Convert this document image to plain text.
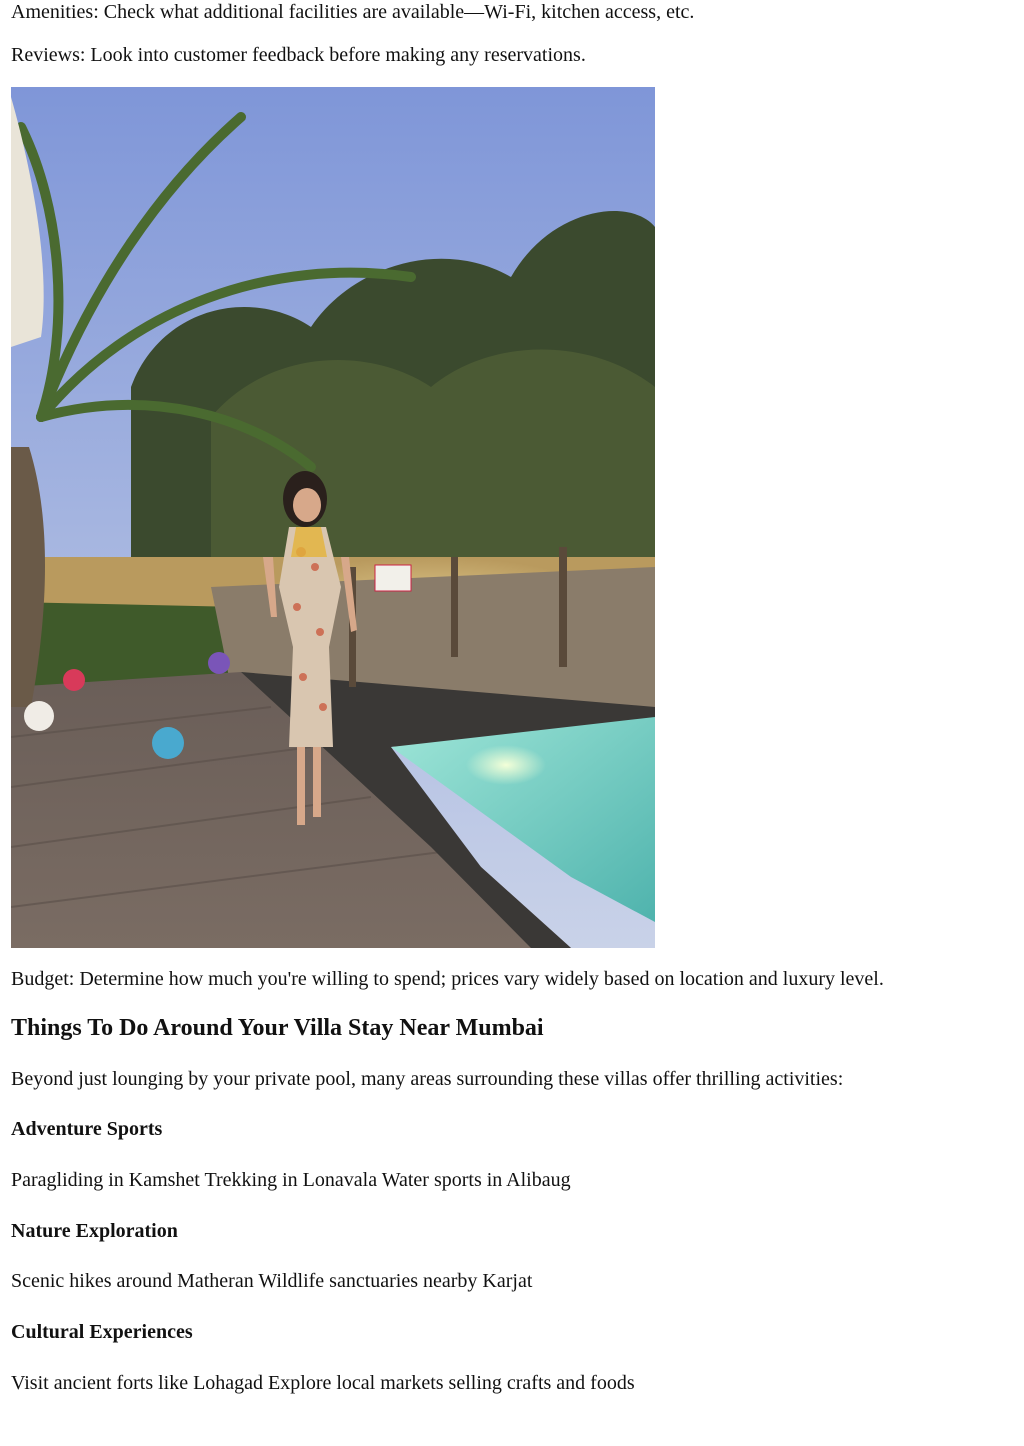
Amenities: Check what additional facilities are available—Wi-Fi, kitchen access, etc.

Reviews: Look into customer feedback before making any reservations.

Budget: Determine how much you're willing to spend; prices vary widely based on location and luxury level.

Things To Do Around Your Villa Stay Near Mumbai

Beyond just lounging by your private pool, many areas surrounding these villas offer thrilling activities:

Adventure Sports

Paragliding in Kamshet Trekking in Lonavala Water sports in Alibaug

Nature Exploration

Scenic hikes around Matheran Wildlife sanctuaries nearby Karjat

Cultural Experiences

Visit ancient forts like Lohagad Explore local markets selling crafts and foods
